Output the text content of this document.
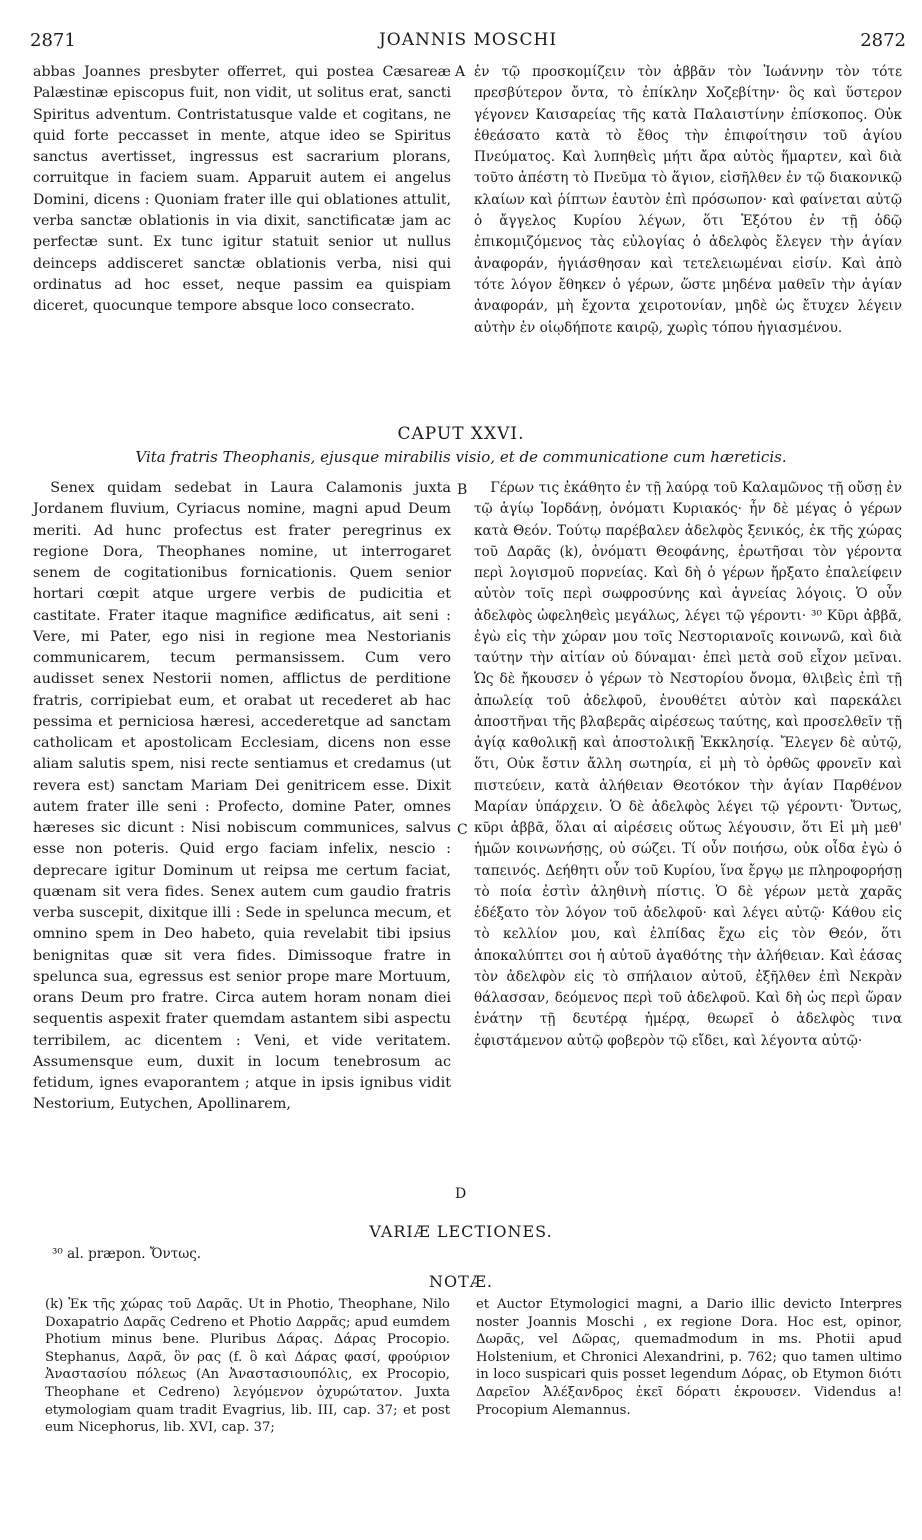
2871	JOANNIS MOSCHI	2872

abbas Joannes presbyter offerret, qui postea Cæsareæ Palæstinæ episcopus fuit, non vidit, ut solitus erat, sancti Spiritus adventum. Contristatusque valde et cogitans, ne quid forte peccasset in mente, atque ideo se Spiritus sanctus avertisset, ingressus est sacrarium plorans, corruitque in faciem suam. Apparuit autem ei angelus Domini, dicens : Quoniam frater ille qui oblationes attulit, verba sanctæ oblationis in via dixit, sanctificatæ jam ac perfectæ sunt. Ex tunc igitur statuit senior ut nullus deinceps addisceret sanctæ oblationis verba, nisi qui ordinatus ad hoc esset, neque passim ea quispiam diceret, quocunque tempore absque loco consecrato.

A ἐν τῷ προσκομίζειν τὸν ἀββᾶν τὸν Ἰωάννην τὸν τότε πρεσβύτερον ὄντα, τὸ ἐπίκλην Χοζεβίτην· ὃς καὶ ὕστερον γέγονεν Καισαρείας τῆς κατὰ Παλαιστίνην ἐπίσκοπος. Οὐκ ἐθεάσατο κατὰ τὸ ἔθος τὴν ἐπιφοίτησιν τοῦ ἁγίου Πνεύματος. Καὶ λυπηθεὶς μήτι ἄρα αὐτὸς ἥμαρτεν, καὶ διὰ τοῦτο ἀπέστη τὸ Πνεῦμα τὸ ἅγιον, εἰσῆλθεν ἐν τῷ διακονικῷ κλαίων καὶ ῥίπτων ἑαυτὸν ἐπὶ πρόσωπον· καὶ φαίνεται αὐτῷ ὁ ἄγγελος Κυρίου λέγων, ὅτι Ἐξότου ἐν τῇ ὁδῷ ἐπικομιζόμενος τὰς εὐλογίας ὁ ἀδελφὸς ἔλεγεν τὴν ἁγίαν ἀναφοράν, ἡγιάσθησαν καὶ τετελειωμέναι εἰσίν. Καὶ ἀπὸ τότε λόγον ἔθηκεν ὁ γέρων, ὥστε μηδένα μαθεῖν τὴν ἁγίαν ἀναφοράν, μὴ ἔχοντα χειροτονίαν, μηδὲ ὡς ἔτυχεν λέγειν αὐτὴν ἐν οἱῳδήποτε καιρῷ, χωρὶς τόπου ἡγιασμένου.

CAPUT XXVI.
Vita fratris Theophanis, ejusque mirabilis visio, et de communicatione cum hæreticis.

Senex quidam sedebat in Laura Calamonis juxta Jordanem fluvium, Cyriacus nomine, magni apud Deum meriti. Ad hunc profectus est frater peregrinus ex regione Dora, Theophanes nomine, ut interrogaret senem de cogitationibus fornicationis. Quem senior hortari cœpit atque urgere verbis de pudicitia et castitate. Frater itaque magnifice ædificatus, ait seni : Vere, mi Pater, ego nisi in regione mea Nestorianis communicarem, tecum permansissem. Cum vero audisset senex Nestorii nomen, afflictus de perditione fratris, corripiebat eum, et orabat ut recederet ab hac pessima et perniciosa hæresi, accederetque ad sanctam catholicam et apostolicam Ecclesiam, dicens non esse aliam salutis spem, nisi recte sentiamus et credamus (ut revera est) sanctam Mariam Dei genitricem esse. Dixit autem frater ille seni : Profecto, domine Pater, omnes hæreses sic dicunt : Nisi nobiscum communices, salvus esse non poteris. Quid ergo faciam infelix, nescio : deprecare igitur Dominum ut reipsa me certum faciat, quænam sit vera fides. Senex autem cum gaudio fratris verba suscepit, dixitque illi : Sede in spelunca mecum, et omnino spem in Deo habeto, quia revelabit tibi ipsius benignitas quæ sit vera fides. Dimissoque fratre in spelunca sua, egressus est senior prope mare Mortuum, orans Deum pro fratre. Circa autem horam nonam diei sequentis aspexit frater quemdam astantem sibi aspectu terribilem, ac dicentem : Veni, et vide veritatem. Assumensque eum, duxit in locum tenebrosum ac fetidum, ignes evaporantem ; atque in ipsis ignibus vidit Nestorium, Eutychen, Apollinarem,

B
C
D

Γέρων τις ἐκάθητο ἐν τῇ λαύρᾳ τοῦ Καλαμῶνος τῇ οὔσῃ ἐν τῷ ἁγίῳ Ἰορδάνῃ, ὀνόματι Κυριακός· ἦν δὲ μέγας ὁ γέρων κατὰ Θεόν. Τούτῳ παρέβαλεν ἀδελφὸς ξενικός, ἐκ τῆς χώρας τοῦ Δαρᾶς (k), ὀνόματι Θεοφάνης, ἐρωτῆσαι τὸν γέροντα περὶ λογισμοῦ πορνείας. Καὶ δὴ ὁ γέρων ἤρξατο ἐπαλείφειν αὐτὸν τοῖς περὶ σωφροσύνης καὶ ἁγνείας λόγοις. Ὁ οὖν ἀδελφὸς ὠφεληθεὶς μεγάλως, λέγει τῷ γέροντι· ³⁰ Κῦρι ἀββᾶ, ἐγὼ εἰς τὴν χώραν μου τοῖς Νεστοριανοῖς κοινωνῶ, καὶ διὰ ταύτην τὴν αἰτίαν οὐ δύναμαι· ἐπεὶ μετὰ σοῦ εἶχον μεῖναι. Ὡς δὲ ἤκουσεν ὁ γέρων τὸ Νεστορίου ὄνομα, θλιβεὶς ἐπὶ τῇ ἀπωλείᾳ τοῦ ἀδελφοῦ, ἐνουθέτει αὐτὸν καὶ παρεκάλει ἀποστῆναι τῆς βλαβερᾶς αἱρέσεως ταύτης, καὶ προσελθεῖν τῇ ἁγίᾳ καθολικῇ καὶ ἀποστολικῇ Ἐκκλησίᾳ. Ἔλεγεν δὲ αὐτῷ, ὅτι, Οὐκ ἔστιν ἄλλη σωτηρία, εἰ μὴ τὸ ὀρθῶς φρονεῖν καὶ πιστεύειν, κατὰ ἀλήθειαν Θεοτόκον τὴν ἁγίαν Παρθένον Μαρίαν ὑπάρχειν. Ὁ δὲ ἀδελφὸς λέγει τῷ γέροντι· Ὄντως, κῦρι ἀββᾶ, ὅλαι αἱ αἱρέσεις οὕτως λέγουσιν, ὅτι Εἰ μὴ μεθ' ἡμῶν κοινωνήσῃς, οὐ σώζει. Τί οὖν ποιήσω, οὐκ οἶδα ἐγὼ ὁ ταπεινός. Δεήθητι οὖν τοῦ Κυρίου, ἵνα ἔργῳ με πληροφορήσῃ τὸ ποία ἐστὶν ἀληθινὴ πίστις. Ὁ δὲ γέρων μετὰ χαρᾶς ἐδέξατο τὸν λόγον τοῦ ἀδελφοῦ· καὶ λέγει αὐτῷ· Κάθου εἰς τὸ κελλίον μου, καὶ ἐλπίδας ἔχω εἰς τὸν Θεόν, ὅτι ἀποκαλύπτει σοι ἡ αὐτοῦ ἀγαθότης τὴν ἀλήθειαν. Καὶ ἐάσας τὸν ἀδελφὸν εἰς τὸ σπήλαιον αὐτοῦ, ἐξῆλθεν ἐπὶ Νεκρὰν θάλασσαν, δεόμενος περὶ τοῦ ἀδελφοῦ. Καὶ δὴ ὡς περὶ ὥραν ἐνάτην τῇ δευτέρᾳ ἡμέρᾳ, θεωρεῖ ὁ ἀδελφὸς τινα ἐφιστάμενον αὐτῷ φοβερὸν τῷ εἴδει, καὶ λέγοντα αὐτῷ·

VARIÆ LECTIONES.
³⁰ al. præpon. Ὄντως.
NOTÆ.

(k) Ἐκ τῆς χώρας τοῦ Δαρᾶς. Ut in Photio, Theophane, Nilo Doxapatrio Δαρᾶς Cedreno et Photio Δαρρᾶς; apud eumdem Photium minus bene. Pluribus Δάρας. Δάρας Procopio. Stephanus, Δαρᾶ, ὃν ρας (f. ὃ καὶ Δάρας φασί, φρούριον Ἀναστασίου πόλεως (An Ἀναστασιουπόλις, ex Procopio, Theophane et Cedreno) λεγόμενον ὀχυρώτατον. Juxta etymologiam quam tradit Evagrius, lib. III, cap. 37; et post eum Nicephorus, lib. XVI, cap. 37;

et Auctor Etymologici magni, a Dario illic devicto Interpres noster Joannis Moschi , ex regione Dora. Hoc est, opinor, Δωρᾶς, vel Δῶρας, quemadmodum in ms. Photii apud Holstenium, et Chronici Alexandrini, p. 762; quo tamen ultimo in loco suspicari quis posset legendum Δόρας, ob Etymon διότι Δαρεῖον Ἀλέξανδρος ἐκεῖ δόρατι ἐκρουσεν. Videndus a! Procopium Alemannus.
